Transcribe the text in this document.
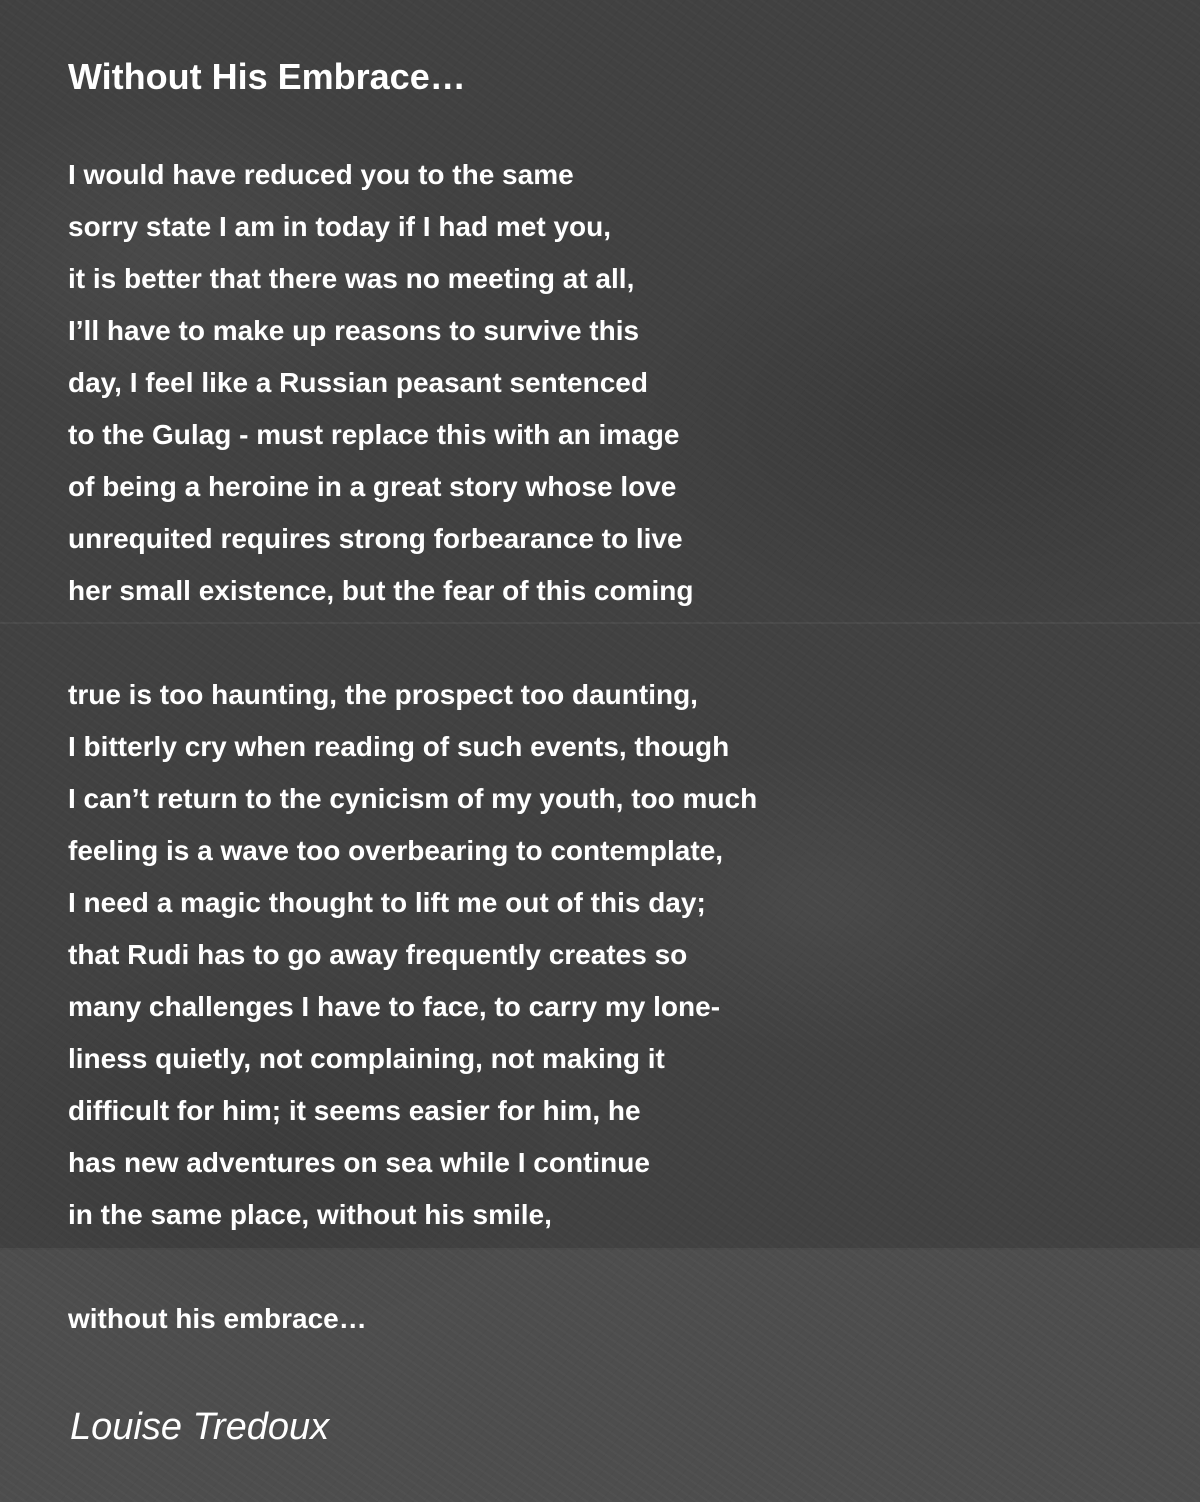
Without His Embrace…
I would have reduced you to the same
sorry state I am in today if I had met you,
it is better that there was no meeting at all,
I’ll have to make up reasons to survive this
day, I feel like a Russian peasant sentenced
to the Gulag - must replace this with an image
of being a heroine in a great story whose love
unrequited requires strong forbearance to live
her small existence, but the fear of this coming
true is too haunting, the prospect too daunting,
I bitterly cry when reading of such events, though
I can’t return to the cynicism of my youth, too much
feeling is a wave too overbearing to contemplate,
I need a magic thought to lift me out of this day;
that Rudi has to go away frequently creates so
many challenges I have to face, to carry my lone-
liness quietly, not complaining, not making it
difficult for him; it seems easier for him, he
has new adventures on sea while I continue
in the same place, without his smile,
without his embrace…

Louise Tredoux
